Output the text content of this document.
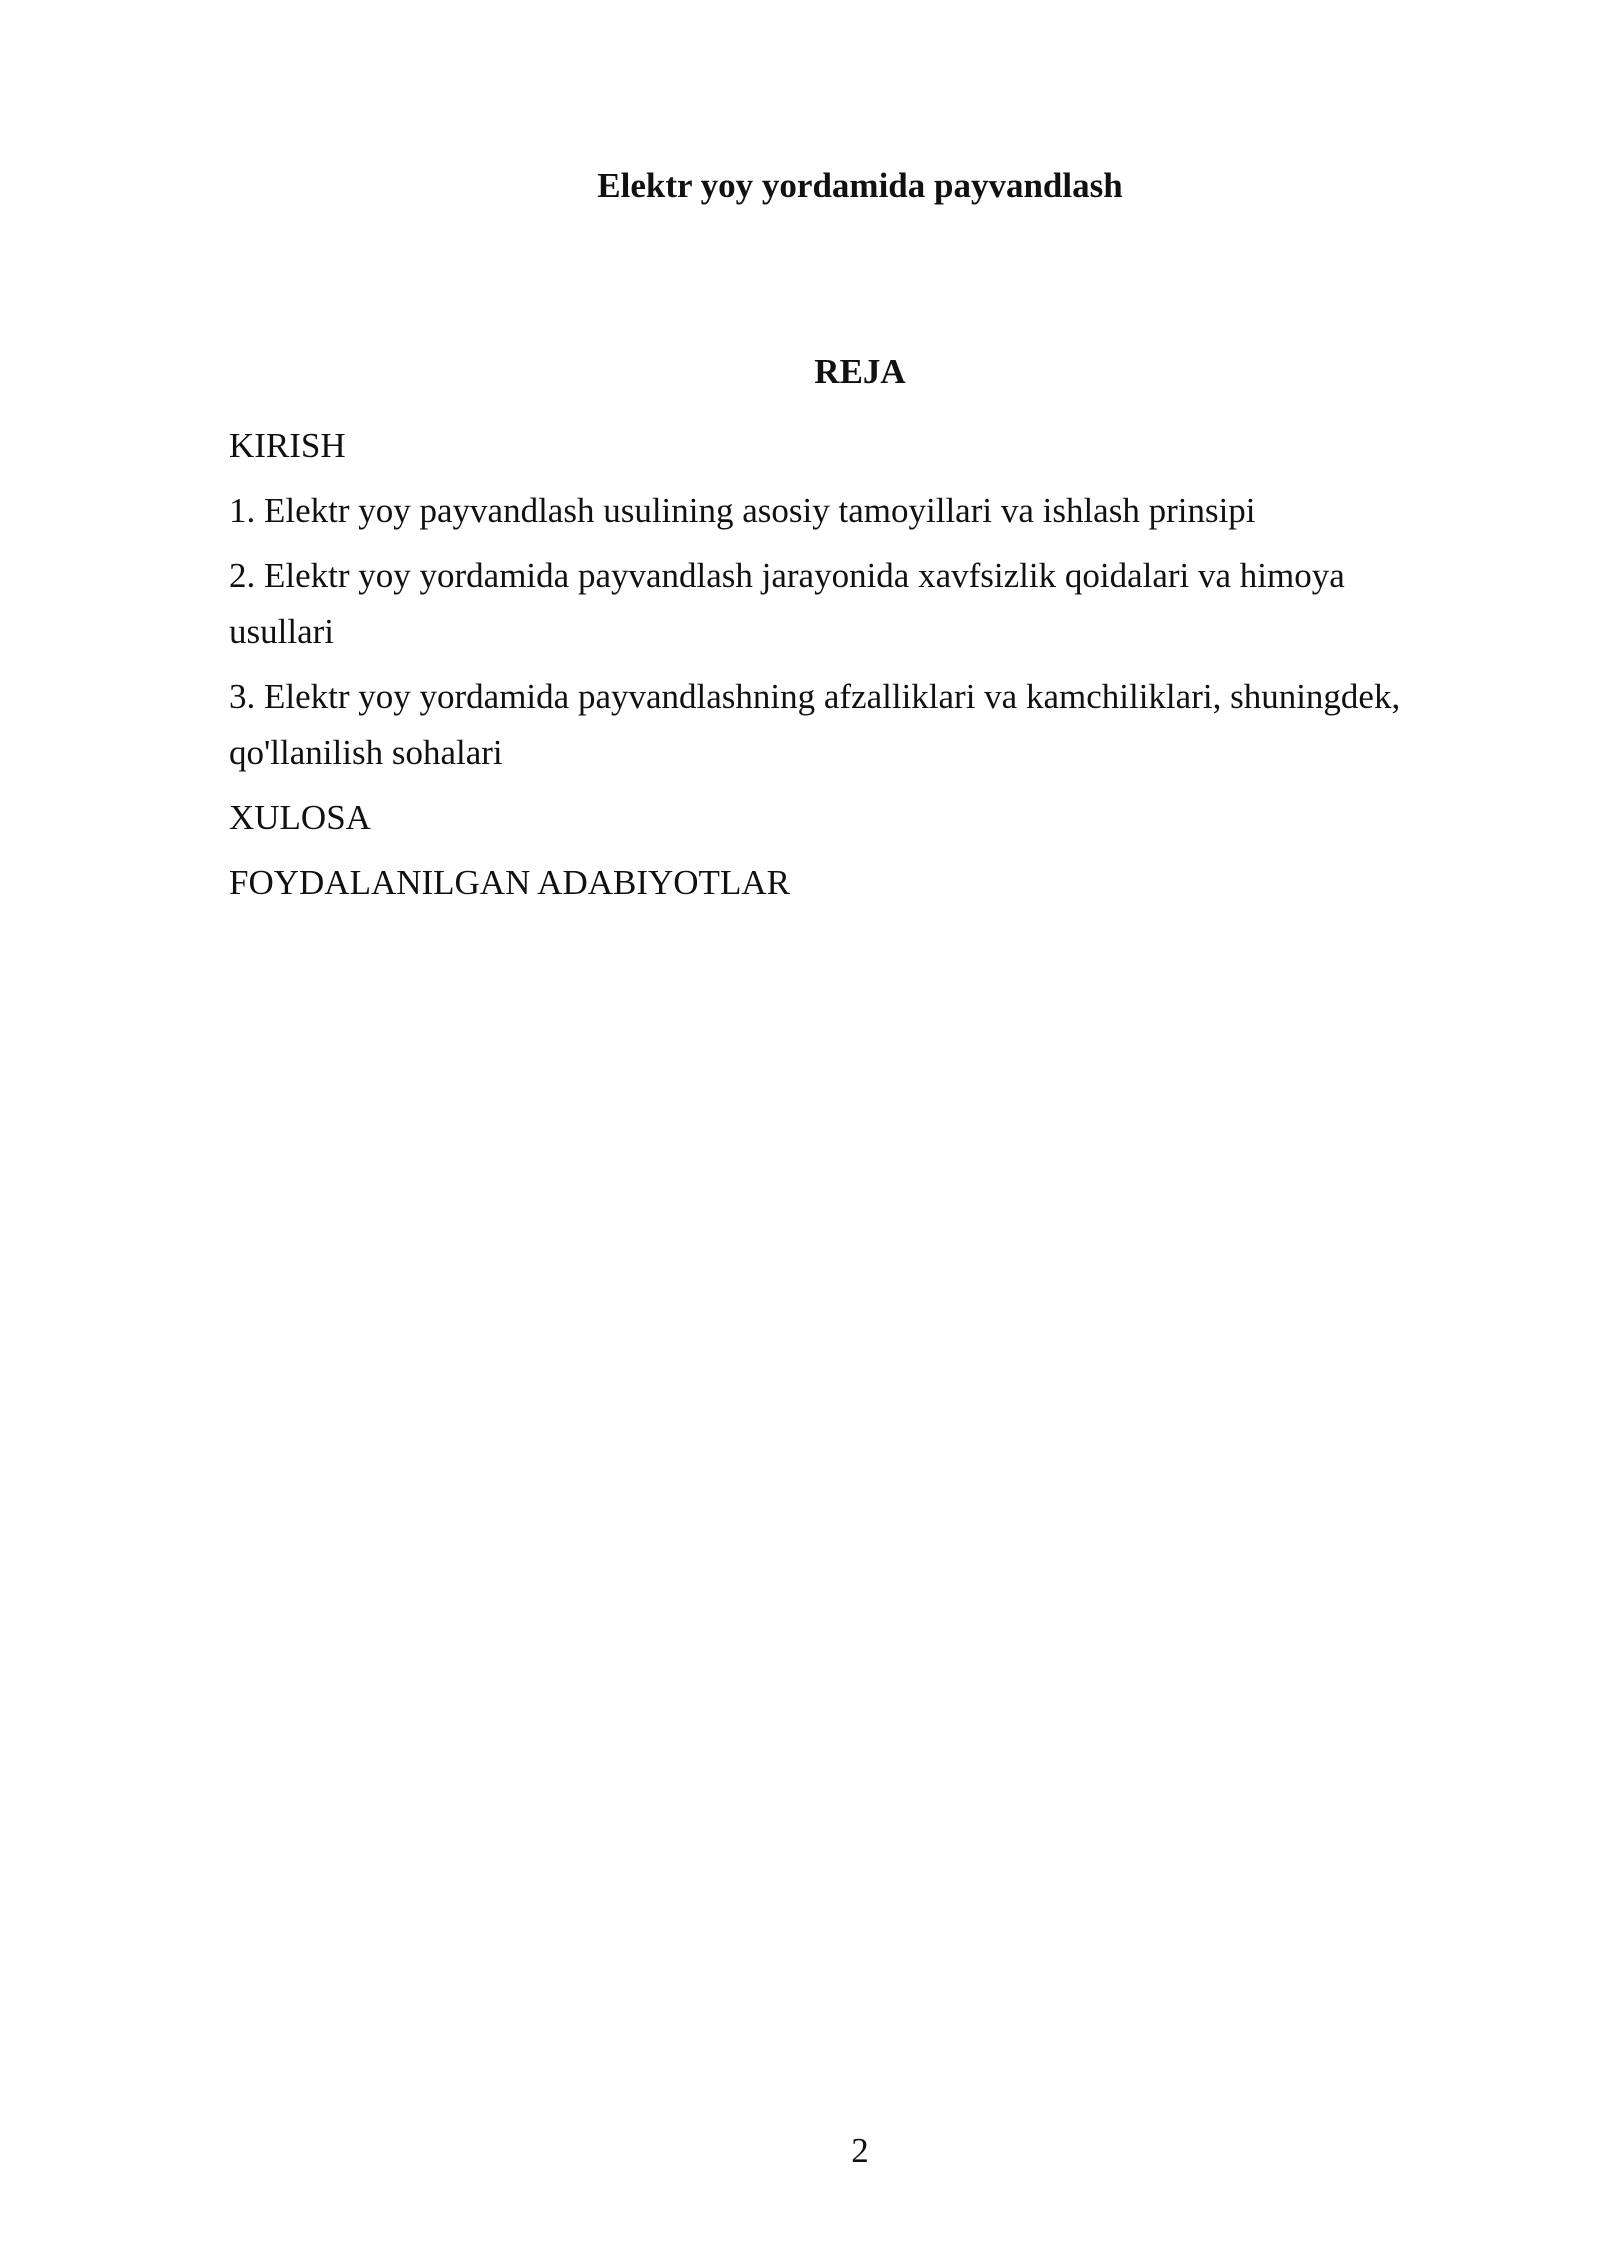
Elektr yoy yordamida payvandlash
REJA
KIRISH
1. Elektr yoy payvandlash usulining asosiy tamoyillari va ishlash prinsipi
2. Elektr yoy yordamida payvandlash jarayonida xavfsizlik qoidalari va himoya usullari
3. Elektr yoy yordamida payvandlashning afzalliklari va kamchiliklari, shuningdek, qo'llanilish sohalari
XULOSA
FOYDALANILGAN ADABIYOTLAR
2
